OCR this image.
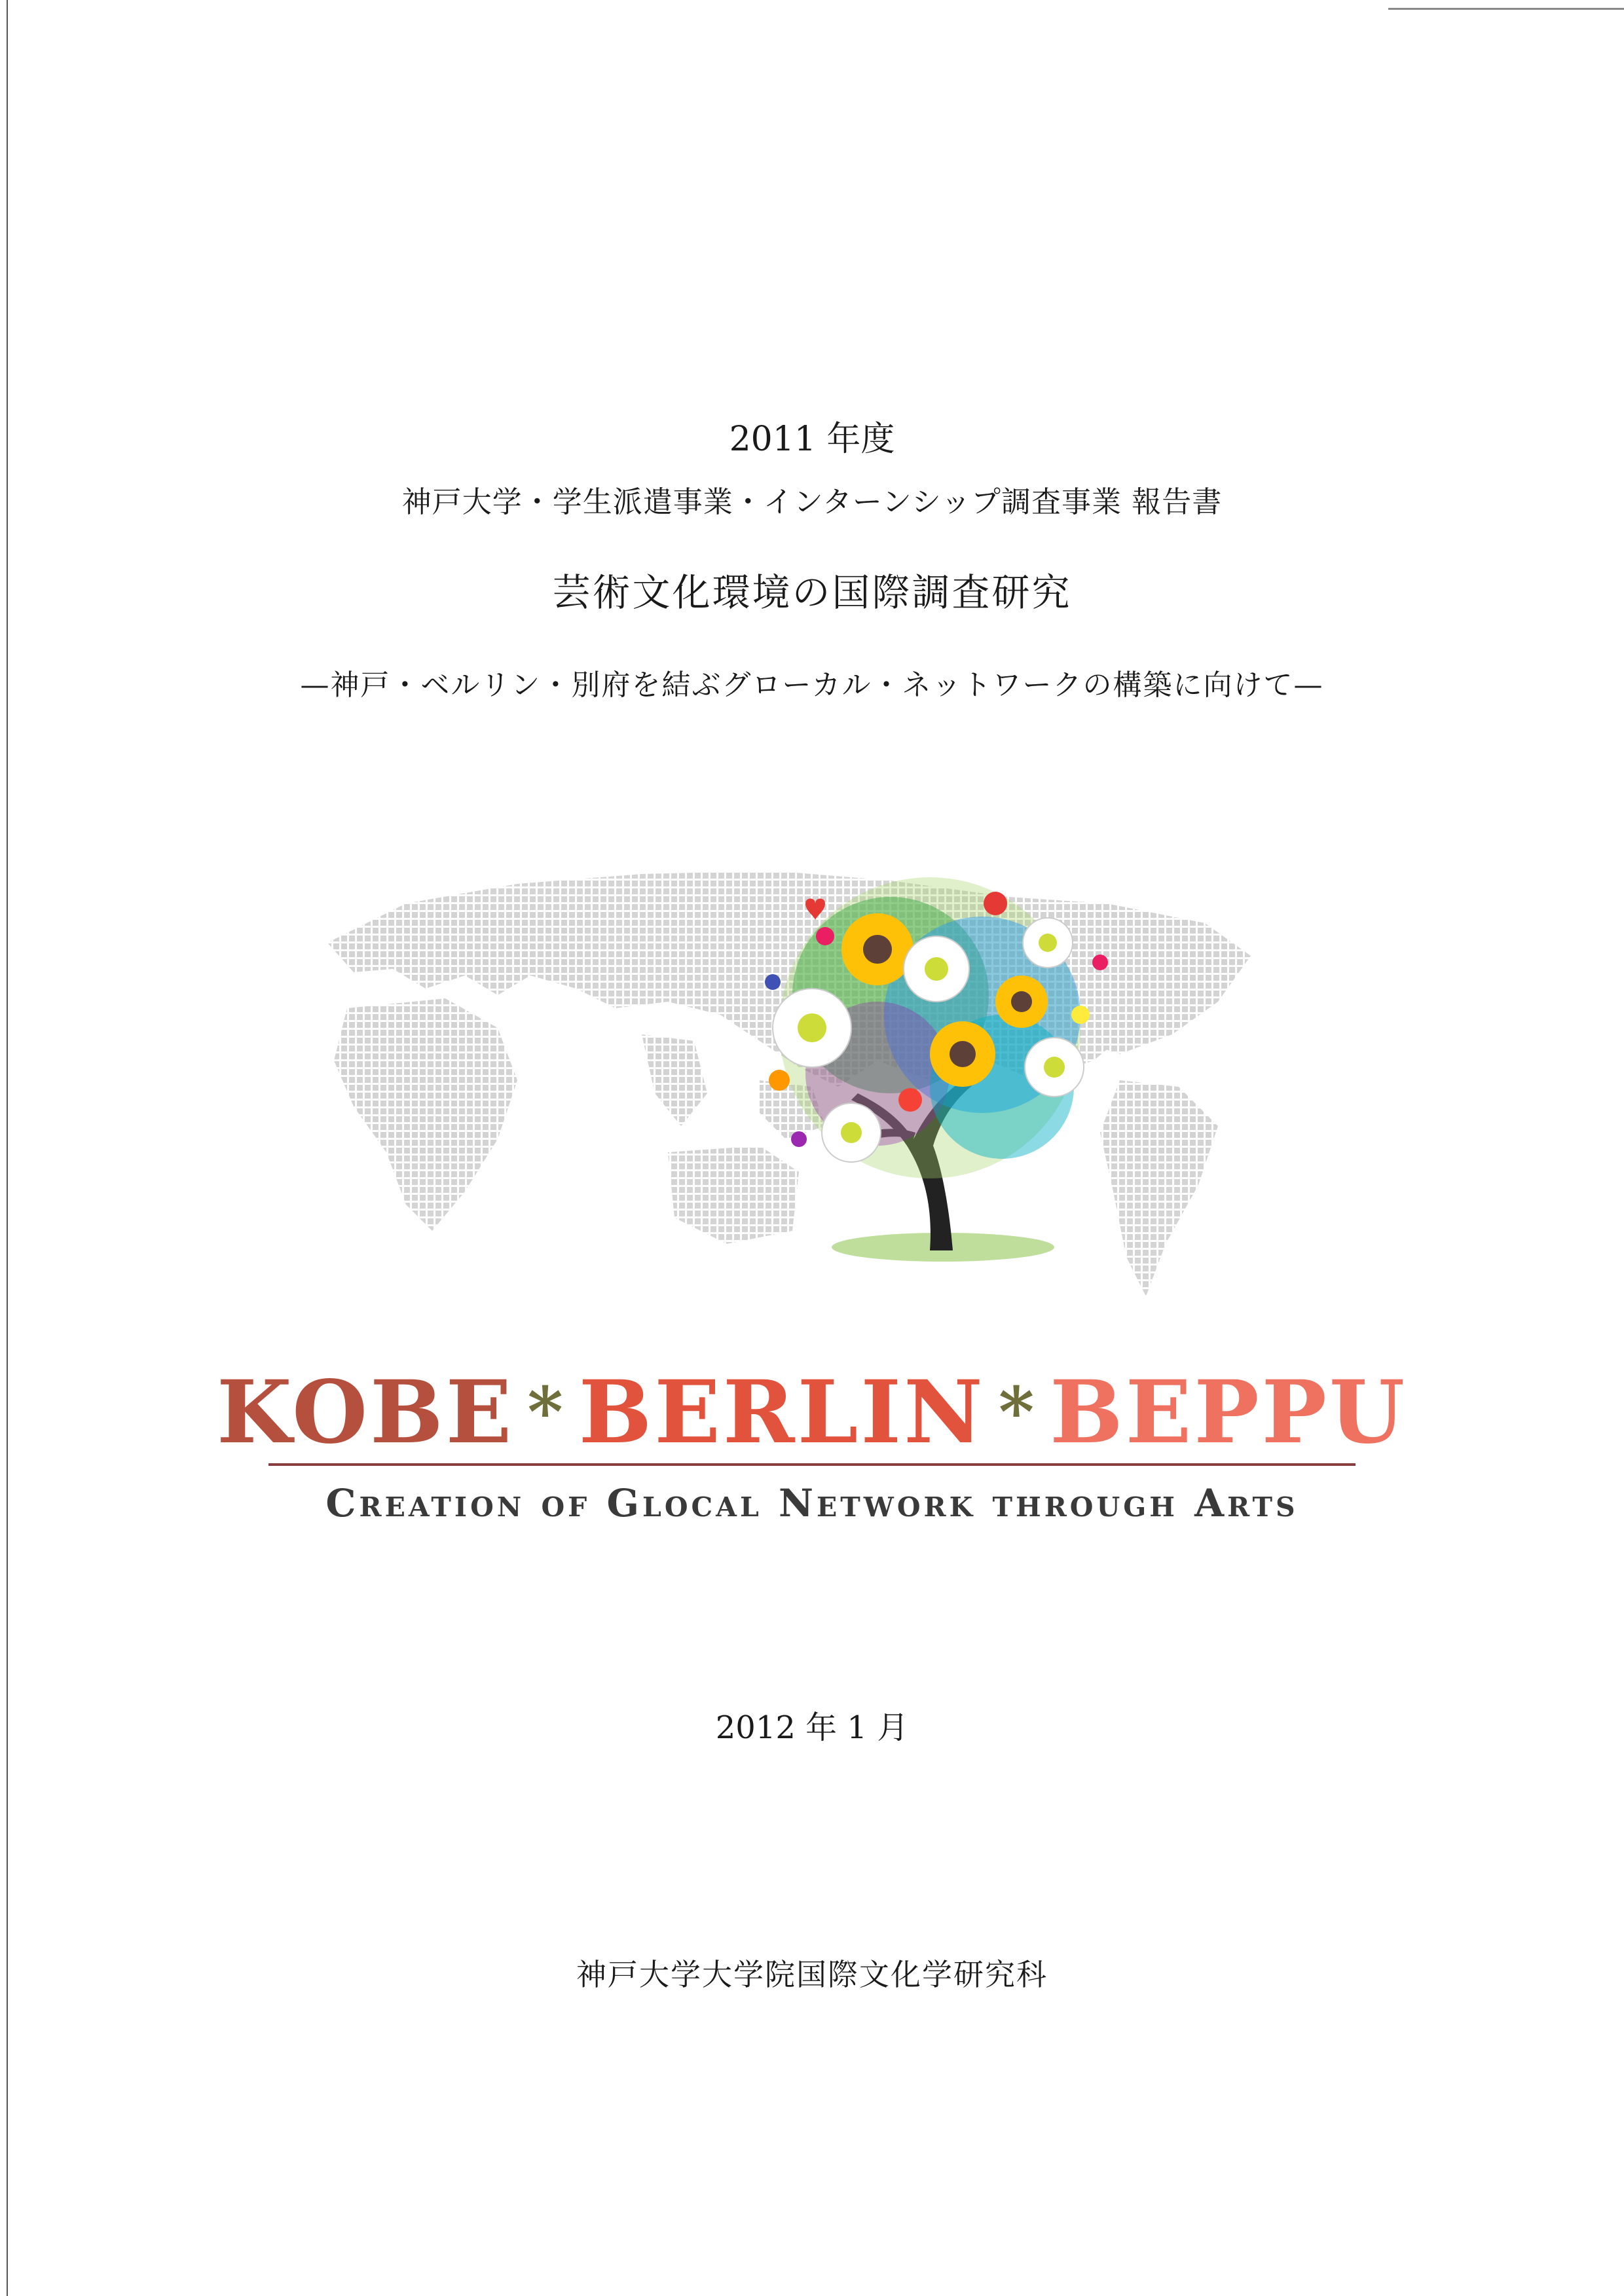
2011 年度
神戸大学・学生派遣事業・インターンシップ調査事業 報告書
芸術文化環境の国際調査研究
—神戸・ベルリン・別府を結ぶグローカル・ネットワークの構築に向けて—
KOBE * BERLIN * BEPPU
Creation of Glocal Network through Arts
2012 年 1 月
神戸大学大学院国際文化学研究科
